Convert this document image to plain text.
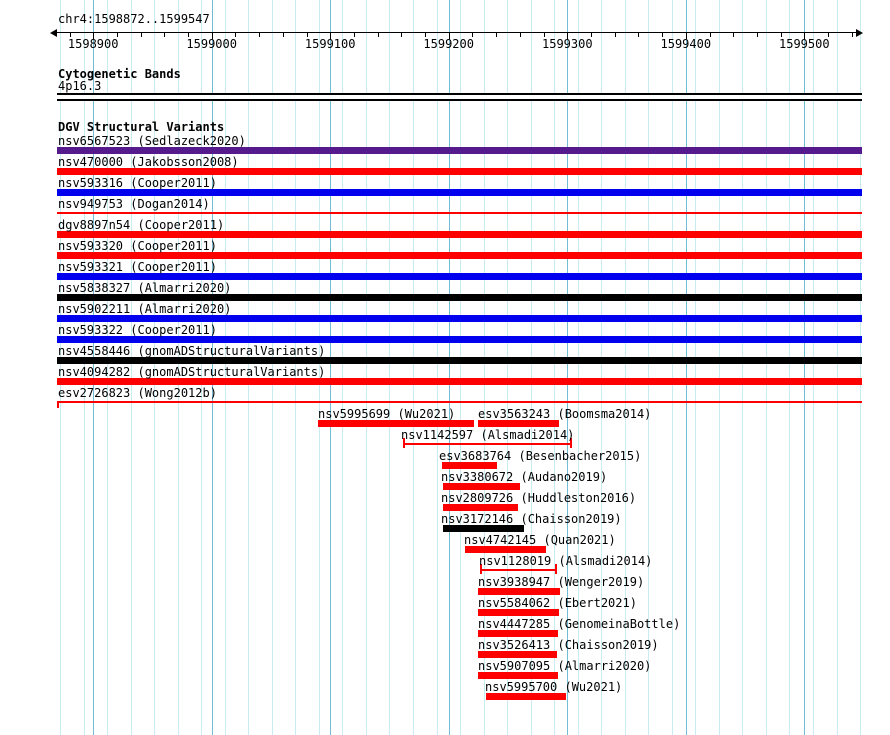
chr4:1598872..1599547
1598900	1599000	1599100	1599200	1599300	1599400	1599500
Cytogenetic Bands
4p16.3
DGV Structural Variants
nsv6567523 (Sedlazeck2020)
nsv470000 (Jakobsson2008)
nsv593316 (Cooper2011)
nsv949753 (Dogan2014)
dgv8897n54 (Cooper2011)
nsv593320 (Cooper2011)
nsv593321 (Cooper2011)
nsv5838327 (Almarri2020)
nsv5902211 (Almarri2020)
nsv593322 (Cooper2011)
nsv4558446 (gnomADStructuralVariants)
nsv4094282 (gnomADStructuralVariants)
esv2726823 (Wong2012b)
nsv5995699 (Wu2021) esv3563243 (Boomsma2014)
nsv1142597 (Alsmadi2014)
esv3683764 (Besenbacher2015)
nsv3380672 (Audano2019)
nsv2809726 (Huddleston2016)
nsv3172146 (Chaisson2019)
nsv4742145 (Quan2021)
nsv1128019 (Alsmadi2014)
nsv3938947 (Wenger2019)
nsv5584062 (Ebert2021)
nsv4447285 (GenomeinaBottle)
nsv3526413 (Chaisson2019)
nsv5907095 (Almarri2020)
nsv5995700 (Wu2021)
